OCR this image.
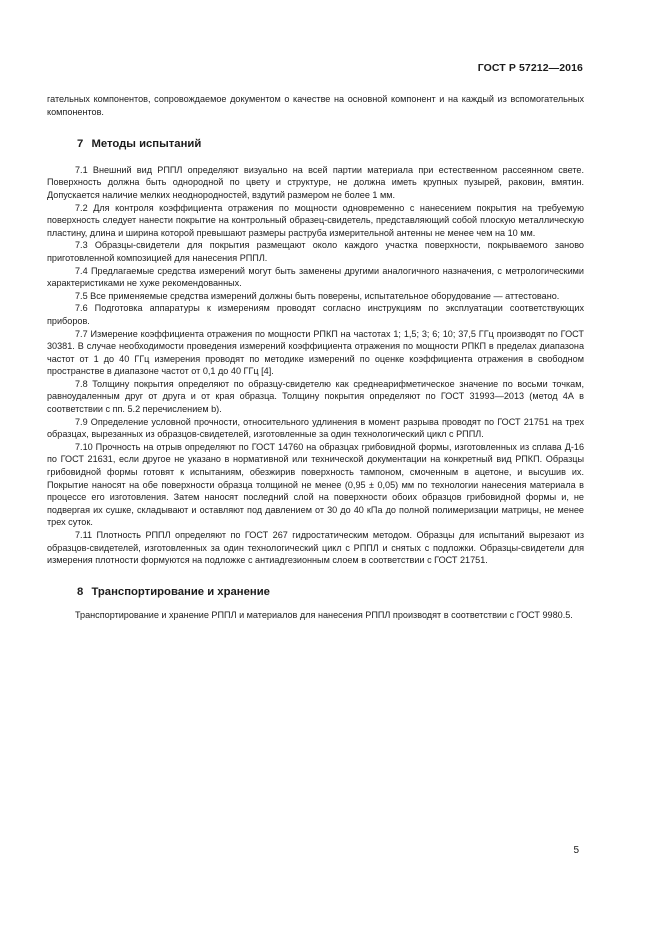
ГОСТ Р 57212—2016

гательных компонентов, сопровождаемое документом о качестве на основной компонент и на каждый из вспомогательных компонентов.

7 Методы испытаний

7.1 Внешний вид РППЛ определяют визуально на всей партии материала при естественном рассеянном свете. Поверхность должна быть однородной по цвету и структуре, не должна иметь крупных пузырей, раковин, вмятин. Допускается наличие мелких неоднородностей, вздутий размером не более 1 мм.

7.2 Для контроля коэффициента отражения по мощности одновременно с нанесением покрытия на требуемую поверхность следует нанести покрытие на контрольный образец-свидетель, представляющий собой плоскую металлическую пластину, длина и ширина которой превышают размеры раструба измерительной антенны не менее чем на 10 мм.

7.3 Образцы-свидетели для покрытия размещают около каждого участка поверхности, покрываемого заново приготовленной композицией для нанесения РППЛ.

7.4 Предлагаемые средства измерений могут быть заменены другими аналогичного назначения, с метрологическими характеристиками не хуже рекомендованных.

7.5 Все применяемые средства измерений должны быть поверены, испытательное оборудование — аттестовано.

7.6 Подготовка аппаратуры к измерениям проводят согласно инструкциям по эксплуатации соответствующих приборов.

7.7 Измерение коэффициента отражения по мощности РПКП на частотах 1; 1,5; 3; 6; 10; 37,5 ГГц производят по ГОСТ 30381. В случае необходимости проведения измерений коэффициента отражения по мощности РПКП в пределах диапазона частот от 1 до 40 ГГц измерения проводят по методике измерений по оценке коэффициента отражения в свободном пространстве в диапазоне частот от 0,1 до 40 ГГц [4].

7.8 Толщину покрытия определяют по образцу-свидетелю как среднеарифметическое значение по восьми точкам, равноудаленным друг от друга и от края образца. Толщину покрытия определяют по ГОСТ 31993—2013 (метод 4А в соответствии с пп. 5.2 перечислением b).

7.9 Определение условной прочности, относительного удлинения в момент разрыва проводят по ГОСТ 21751 на трех образцах, вырезанных из образцов-свидетелей, изготовленные за один технологический цикл с РППЛ.

7.10 Прочность на отрыв определяют по ГОСТ 14760 на образцах грибовидной формы, изготовленных из сплава Д-16 по ГОСТ 21631, если другое не указано в нормативной или технической документации на конкретный вид РПКП. Образцы грибовидной формы готовят к испытаниям, обезжирив поверхность тампоном, смоченным в ацетоне, и высушив их. Покрытие наносят на обе поверхности образца толщиной не менее (0,95 ± 0,05) мм по технологии нанесения материала в процессе его изготовления. Затем наносят последний слой на поверхности обоих образцов грибовидной формы и, не подвергая их сушке, складывают и оставляют под давлением от 30 до 40 кПа до полной полимеризации матрицы, не менее трех суток.

7.11 Плотность РППЛ определяют по ГОСТ 267 гидростатическим методом. Образцы для испытаний вырезают из образцов-свидетелей, изготовленных за один технологический цикл с РППЛ и снятых с подложки. Образцы-свидетели для измерения плотности формуются на подложке с антиадгезионным слоем в соответствии с ГОСТ 21751.

8 Транспортирование и хранение

Транспортирование и хранение РППЛ и материалов для нанесения РППЛ производят в соответствии с ГОСТ 9980.5.

5
